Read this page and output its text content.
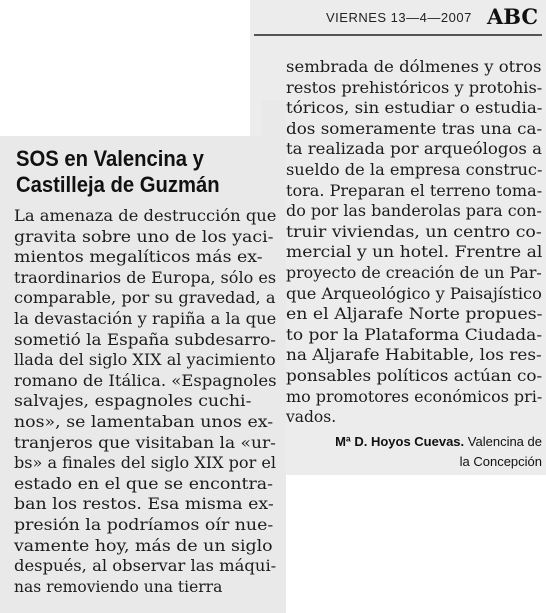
VIERNES 13—4—2007 ABC
SOS en Valencina y
Castilleja de Guzmán
La amenaza de destrucción que
gravita sobre uno de los yaci-
mientos megalíticos más ex-
traordinarios de Europa, sólo es
comparable, por su gravedad, a
la devastación y rapiña a la que
sometió la España subdesarro-
llada del siglo XIX al yacimiento
romano de Itálica. «Espagnoles
salvajes, espagnoles cuchi-
nos», se lamentaban unos ex-
tranjeros que visitaban la «ur-
bs» a finales del siglo XIX por el
estado en el que se encontra-
ban los restos. Esa misma ex-
presión la podríamos oír nue-
vamente hoy, más de un siglo
después, al observar las máqui-
nas removiendo una tierra
sembrada de dólmenes y otros
restos prehistóricos y protohis-
tóricos, sin estudiar o estudia-
dos someramente tras una ca-
ta realizada por arqueólogos a
sueldo de la empresa construc-
tora. Preparan el terreno toma-
do por las banderolas para con-
truir viviendas, un centro co-
mercial y un hotel. Frentre al
proyecto de creación de un Par-
que Arqueológico y Paisajístico
en el Aljarafe Norte propues-
to por la Plataforma Ciudada-
na Aljarafe Habitable, los res-
ponsables políticos actúan co-
mo promotores económicos pri-
vados.
Mª D. Hoyos Cuevas. Valencina de
la Concepción
